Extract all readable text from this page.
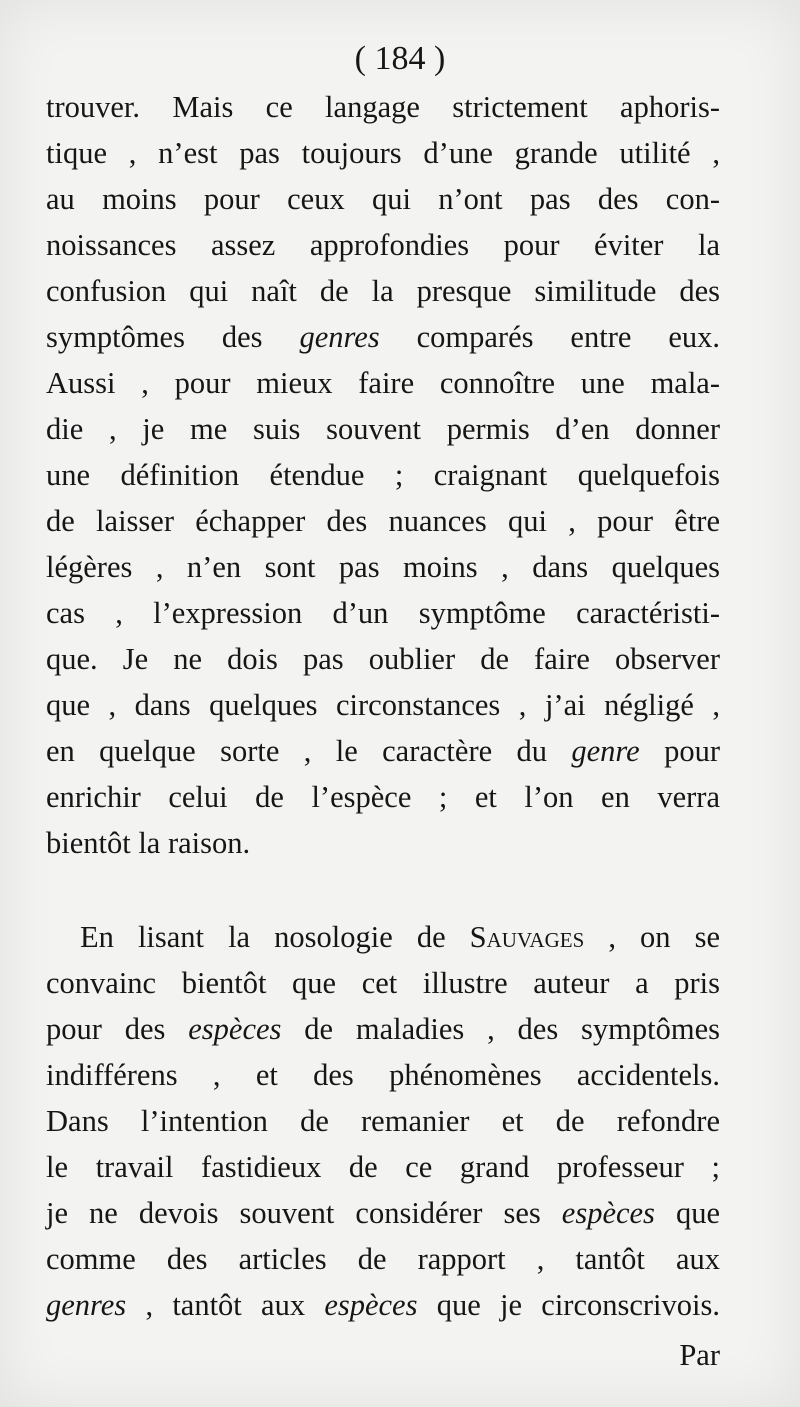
( 184 )
trouver. Mais ce langage strictement aphoris-
tique , n’est pas toujours d’une grande utilité ,
au moins pour ceux qui n’ont pas des con-
noissances assez approfondies pour éviter la
confusion qui naît de la presque similitude des
symptômes des genres comparés entre eux.
Aussi , pour mieux faire connoître une mala-
die , je me suis souvent permis d’en donner
une définition étendue ; craignant quelquefois
de laisser échapper des nuances qui , pour être
légères , n’en sont pas moins , dans quelques
cas , l’expression d’un symptôme caractéristi-
que. Je ne dois pas oublier de faire observer
que , dans quelques circonstances , j’ai négligé ,
en quelque sorte , le caractère du genre pour
enrichir celui de l’espèce ; et l’on en verra
bientôt la raison.
En lisant la nosologie de Sauvages , on se
convainc bientôt que cet illustre auteur a pris
pour des espèces de maladies , des symptômes
indifférens , et des phénomènes accidentels.
Dans l’intention de remanier et de refondre
le travail fastidieux de ce grand professeur ;
je ne devois souvent considérer ses espèces que
comme des articles de rapport , tantôt aux
genres , tantôt aux espèces que je circonscrivois.
Par
